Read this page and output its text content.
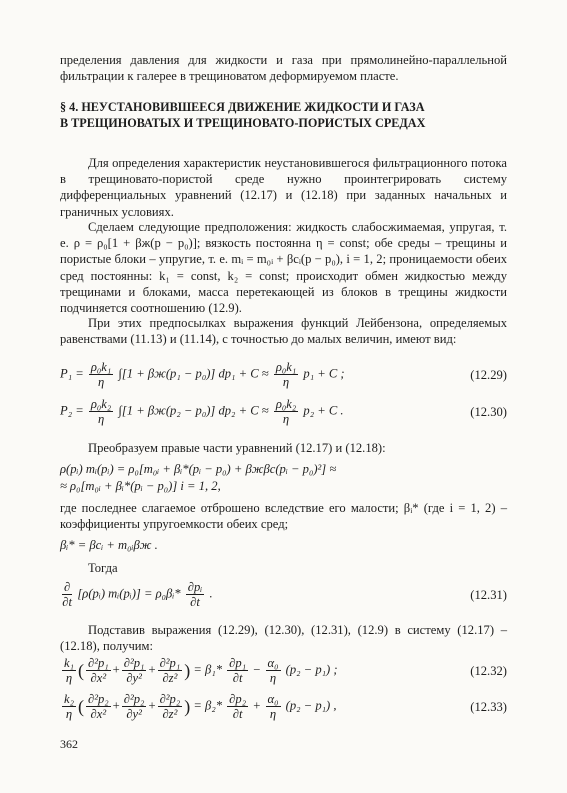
пределения давления для жидкости и газа при прямолинейно-параллельной фильтрации к галерее в трещиноватом деформируемом пласте.

§ 4. НЕУСТАНОВИВШЕЕСЯ ДВИЖЕНИЕ ЖИДКОСТИ И ГАЗА
В ТРЕЩИНОВАТЫХ И ТРЕЩИНОВАТО-ПОРИСТЫХ СРЕДАХ

Для определения характеристик неустановившегося фильтрационного потока в трещиновато-пористой среде нужно проинтегрировать систему дифференциальных уравнений (12.17) и (12.18) при заданных начальных и граничных условиях.

Сделаем следующие предположения: жидкость слабосжимаемая, упругая, т. е. ρ = ρ₀[1 + βж(p − p₀)]; вязкость постоянна η = const; обе среды – трещины и пористые блоки – упругие, т. е. mᵢ = m₀ᵢ + βcᵢ(p − p₀), i = 1, 2; проницаемости обеих сред постоянны: k₁ = const, k₂ = const; происходит обмен жидкостью между трещинами и блоками, масса перетекающей из блоков в трещины жидкости подчиняется соотношению (12.9).

При этих предпосылках выражения функций Лейбензона, определяемых равенствами (11.13) и (11.14), с точностью до малых величин, имеют вид:

$P_1 = \frac{\text{ρ₀k₁}}{\eta} \int[1 + \beta ж(p_1 - p_0)] dp_1 + C \approx \frac{\text{ρ₀k₁}}{\eta} p_1 + C$ ;	(12.29)
$P_2 = \frac{\text{ρ₀k₂}}{\eta} \int[1 + \beta ж(p_2 - p_0)] dp_2 + C \approx \frac{\text{ρ₀k₂}}{\eta} p_2 + C$ .	(12.30)

Преобразуем правые части уравнений (12.17) и (12.18):

ρ(pᵢ) mᵢ(pᵢ) = ρ₀[m₀ᵢ + βᵢ*(pᵢ − p₀) + βжβc(pᵢ − p₀)²] ≈
≈ ρ₀[m₀ᵢ + βᵢ*(pᵢ − p₀)] i = 1, 2,

где последнее слагаемое отброшено вследствие его малости; βᵢ* (где i = 1, 2) – коэффициенты упругоемкости обеих сред;

βᵢ* = βcᵢ + m₀ᵢβж .

Тогда

$\frac{\partial}{\partial t}$ [ρ(pᵢ) mᵢ(pᵢ)] = ρ₀βᵢ* $\frac{\text{∂pᵢ}}{\partial t}$ .	(12.31)

Подставив выражения (12.29), (12.30), (12.31), (12.9) в систему (12.17) – (12.18), получим:

$\frac{\text{k₁}}{\eta}$ ( $\frac{\text{∂²p₁}}{\text{∂x²}} + \frac{\text{∂²p₁}}{\text{∂y²}} + \frac{\text{∂²p₁}}{\text{∂z²}}$ ) = $\beta_1* \frac{\text{∂p₁}}{\partial t} - \frac{\text{α₀}}{\eta} (p_2 - p_1)$ ;	(12.32)
$\frac{\text{k₂}}{\eta}$ ( $\frac{\text{∂²p₂}}{\text{∂x²}} + \frac{\text{∂²p₂}}{\text{∂y²}} + \frac{\text{∂²p₂}}{\text{∂z²}}$ ) = $\beta_2* \frac{\text{∂p₂}}{\partial t} + \frac{\text{α₀}}{\eta} (p_2 - p_1)$ ,	(12.33)
362
